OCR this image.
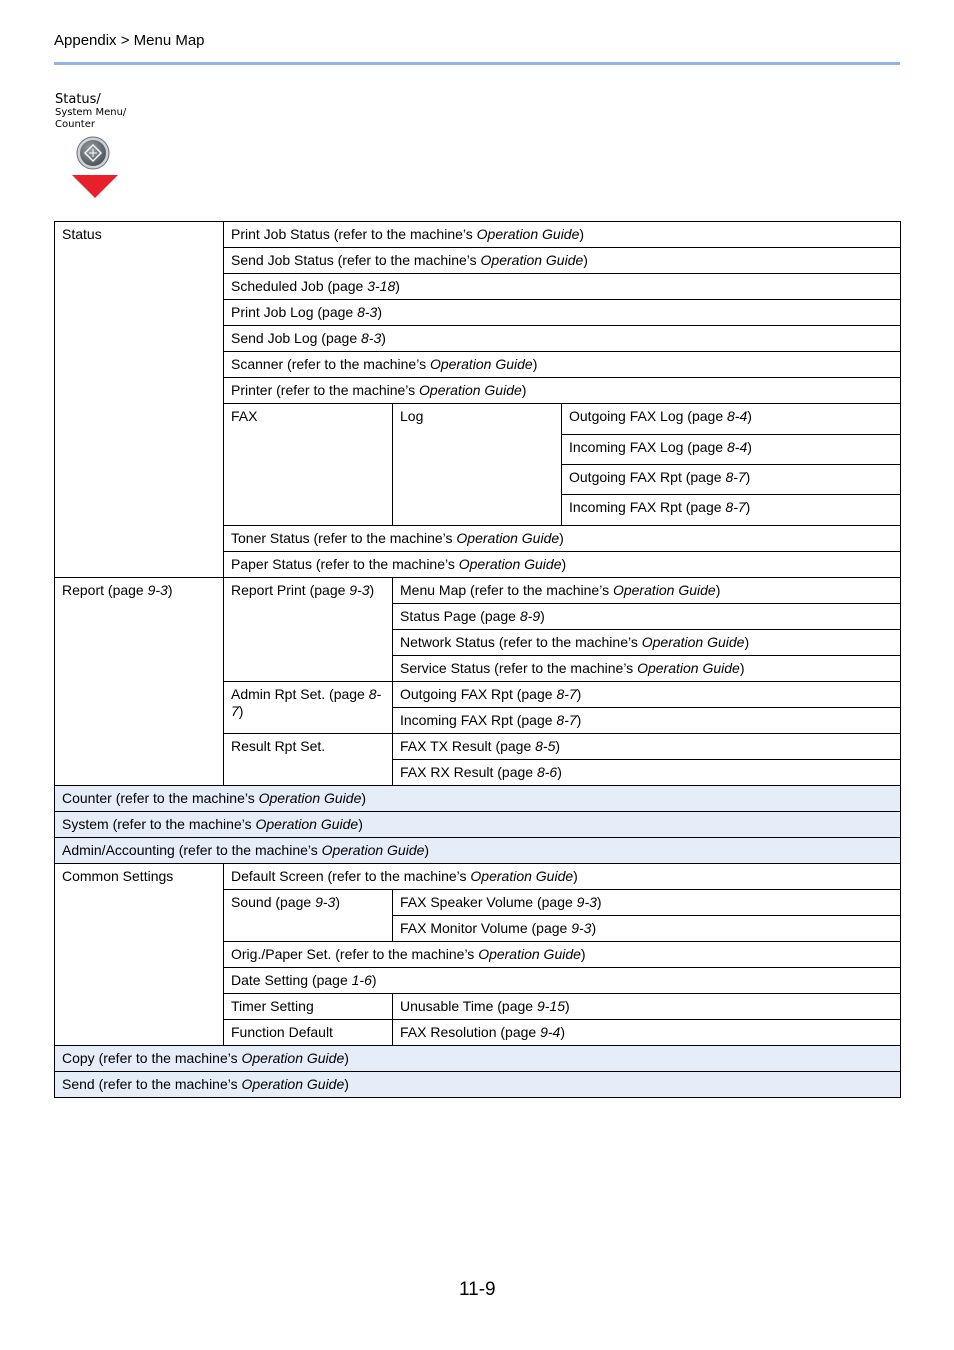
Appendix > Menu Map
Status/
System Menu/
Counter
Status	Print Job Status (refer to the machine’s Operation Guide)		
	Send Job Status (refer to the machine’s Operation Guide)		
	Scheduled Job (page 3-18)		
	Print Job Log (page 8-3)		
	Send Job Log (page 8-3)		
	Scanner (refer to the machine’s Operation Guide)		
	Printer (refer to the machine’s Operation Guide)		
	FAX	Log	Outgoing FAX Log (page 8-4)
			Incoming FAX Log (page 8-4)
			Outgoing FAX Rpt (page 8-7)
			Incoming FAX Rpt (page 8-7)
	Toner Status (refer to the machine’s Operation Guide)		
	Paper Status (refer to the machine’s Operation Guide)		
Report (page 9-3)	Report Print (page 9-3)	Menu Map (refer to the machine’s Operation Guide)	
		Status Page (page 8-9)	
		Network Status (refer to the machine’s Operation Guide)	
		Service Status (refer to the machine’s Operation Guide)	
	Admin Rpt Set. (page 8-7)	Outgoing FAX Rpt (page 8-7)	
		Incoming FAX Rpt (page 8-7)	
	Result Rpt Set.	FAX TX Result (page 8-5)	
		FAX RX Result (page 8-6)	
Counter (refer to the machine’s Operation Guide)			
System (refer to the machine’s Operation Guide)			
Admin/Accounting (refer to the machine’s Operation Guide)			
Common Settings	Default Screen (refer to the machine’s Operation Guide)		
	Sound (page 9-3)	FAX Speaker Volume (page 9-3)	
		FAX Monitor Volume (page 9-3)	
	Orig./Paper Set. (refer to the machine’s Operation Guide)		
	Date Setting (page 1-6)		
	Timer Setting	Unusable Time (page 9-15)	
	Function Default	FAX Resolution (page 9-4)	
Copy (refer to the machine’s Operation Guide)			
Send (refer to the machine’s Operation Guide)			
11-9
